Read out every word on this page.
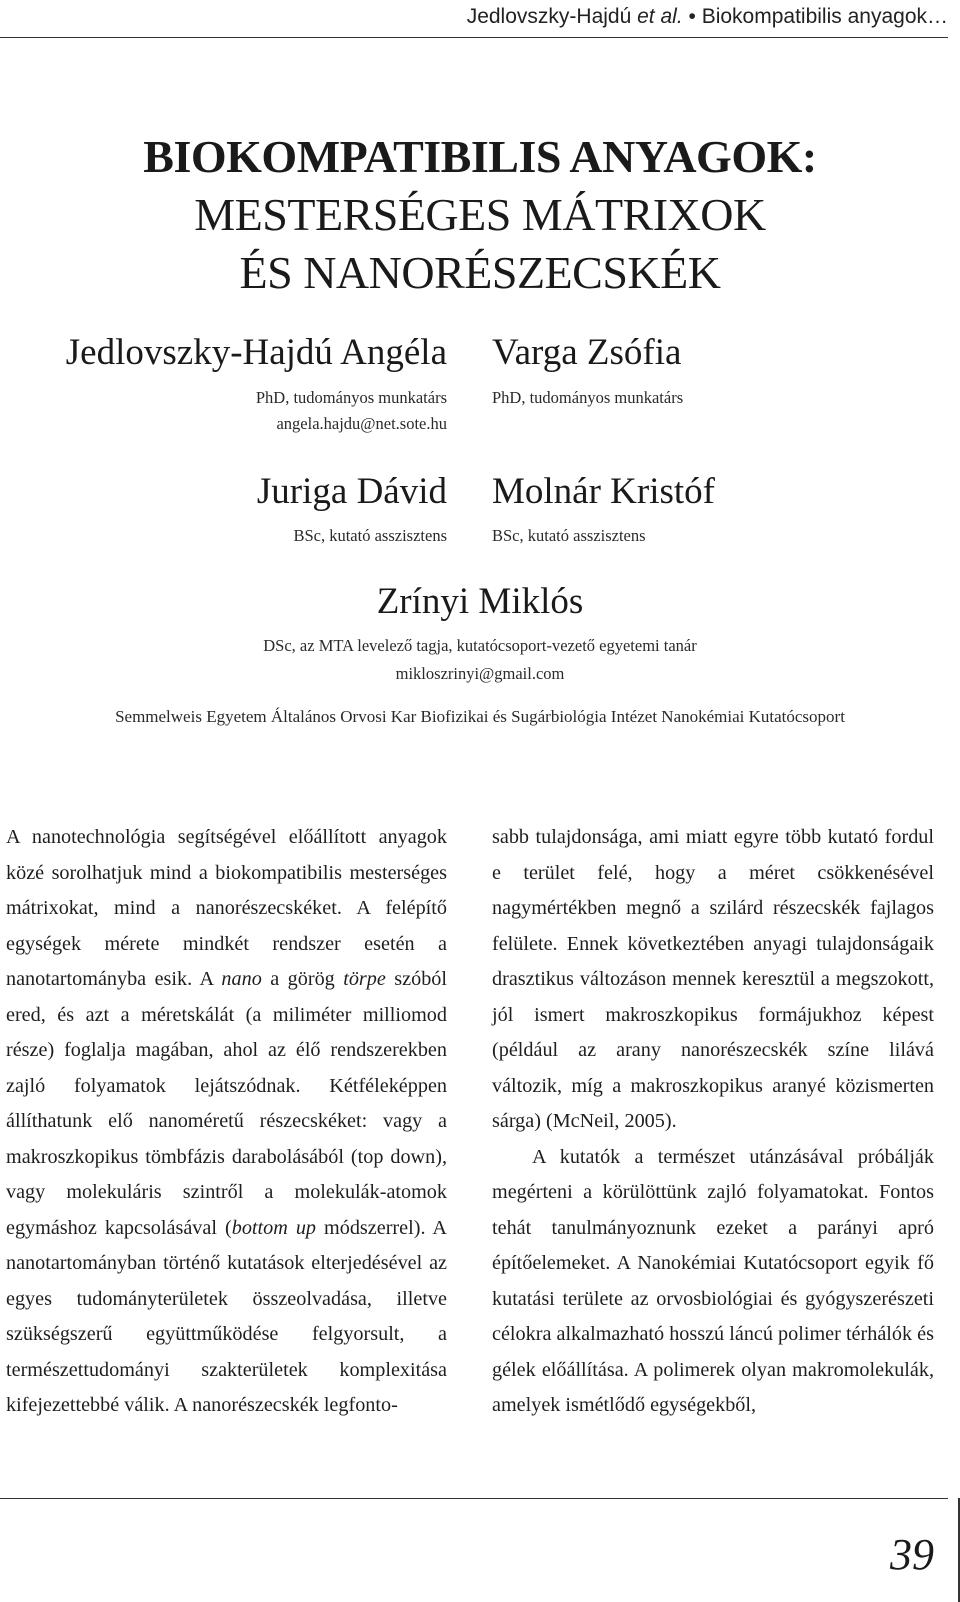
Jedlovszky-Hajdú et al. • Biokompatibilis anyagok…
BIOKOMPATIBILIS ANYAGOK:
MESTERSÉGES MÁTRIXOK
ÉS NANORÉSZECSKÉK
Jedlovszky-Hajdú Angéla
PhD, tudományos munkatárs
angela.hajdu@net.sote.hu
Varga Zsófia
PhD, tudományos munkatárs
Juriga Dávid
BSc, kutató asszisztens
Molnár Kristóf
BSc, kutató asszisztens
Zrínyi Miklós
DSc, az MTA levelező tagja, kutatócsoport-vezető egyetemi tanár
mikloszrinyi@gmail.com
Semmelweis Egyetem Általános Orvosi Kar Biofizikai és Sugárbiológia Intézet Nanokémiai Kutatócsoport

A nanotechnológia segítségével előállított anyagok közé sorolhatjuk mind a biokompatibilis mesterséges mátrixokat, mind a nanorészecskéket. A felépítő egységek mérete mindkét rendszer esetén a nanotartományba esik. A nano a görög törpe szóból ered, és azt a méretskálát (a miliméter milliomod része) foglalja magában, ahol az élő rendszerekben zajló folyamatok lejátszódnak. Kétféleképpen állíthatunk elő nanoméretű részecskéket: vagy a makroszkopikus tömbfázis darabolásából (top down), vagy molekuláris szintről a molekulák-atomok egymáshoz kapcsolásával (bottom up módszerrel). A nanotartományban történő kutatások elterjedésével az egyes tudományterületek összeolvadása, illetve szükségszerű együttműködése felgyorsult, a természettudományi szakterületek komplexitása kifejezettebbé válik. A nanorészecskék legfonto-

sabb tulajdonsága, ami miatt egyre több kutató fordul e terület felé, hogy a méret csökkenésével nagymértékben megnő a szilárd részecskék fajlagos felülete. Ennek következtében anyagi tulajdonságaik drasztikus változáson mennek keresztül a megszokott, jól ismert makroszkopikus formájukhoz képest (például az arany nanorészecskék színe lilává változik, míg a makroszkopikus aranyé közismerten sárga) (McNeil, 2005).

A kutatók a természet utánzásával próbálják megérteni a körülöttünk zajló folyamatokat. Fontos tehát tanulmányoznunk ezeket a parányi apró építőelemeket. A Nanokémiai Kutatócsoport egyik fő kutatási területe az orvosbiológiai és gyógyszerészeti célokra alkalmazható hosszú láncú polimer térhálók és gélek előállítása. A polimerek olyan makromolekulák, amelyek ismétlődő egységekből,

39
